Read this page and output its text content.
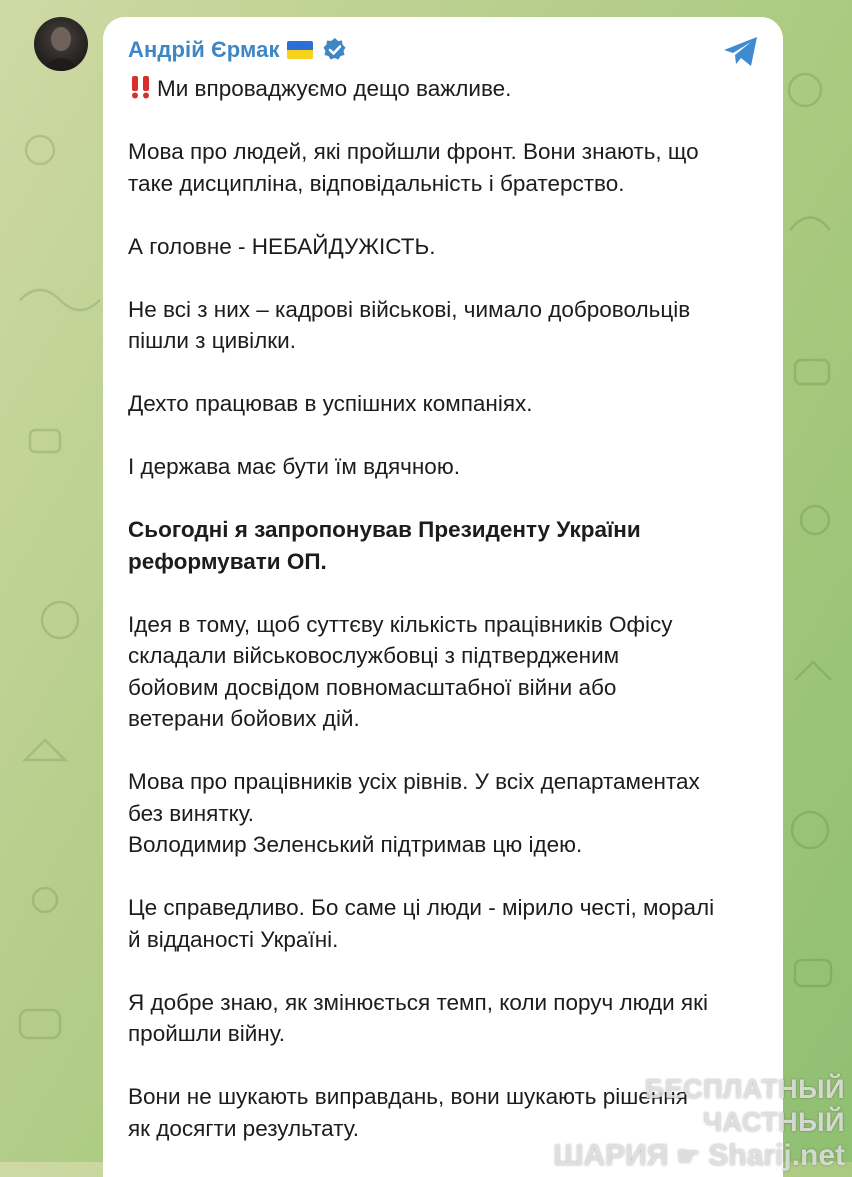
Андрій Єрмак

Ми впроваджуємо дещо важливе.

Мова про людей, які пройшли фронт. Вони знають, що
таке дисципліна, відповідальність і братерство.

А головне - НЕБАЙДУЖІСТЬ.

Не всі з них – кадрові військові, чимало добровольців
пішли з цивілки.

Дехто працював в успішних компаніях.

І держава має бути їм вдячною.

Сьогодні я запропонував Президенту України
реформувати ОП.

Ідея в тому, щоб суттєву кількість працівників Офісу
складали військовослужбовці з підтвердженим
бойовим досвідом повномасштабної війни або
ветерани бойових дій.

Мова про працівників усіх рівнів. У всіх департаментах
без винятку.
Володимир Зеленський підтримав цю ідею.

Це справедливо. Бо саме ці люди - мірило честі, моралі
й відданості Україні.

Я добре знаю, як змінюється темп, коли поруч люди які
пройшли війну.

Вони не шукають виправдань, вони шукають рішення
як досягти результату.

БЕСПЛАТНЫЙ ЧАСТНЫЙ
ШАРИЯ ☛ Sharij.net
